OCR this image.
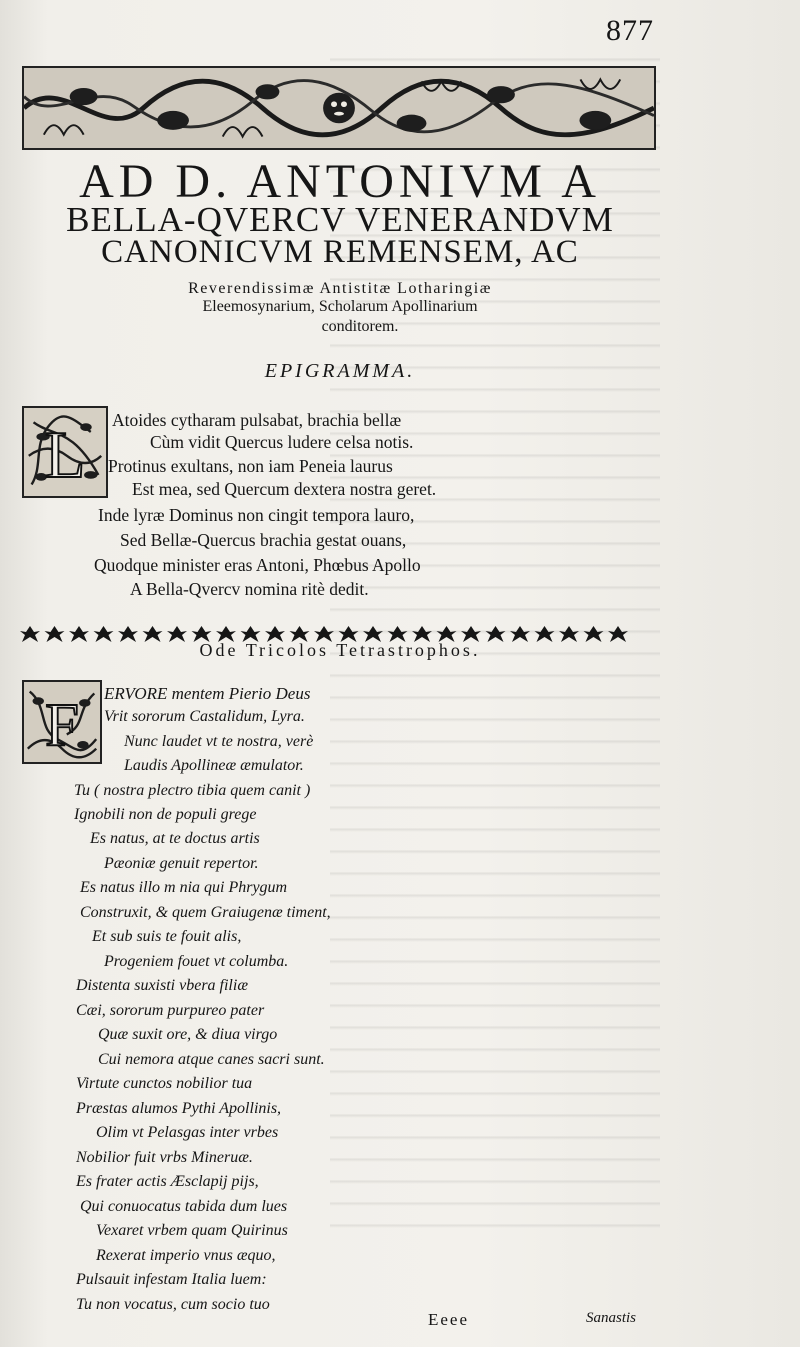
877
AD D. ANTONIVM A
BELLA-QVERCV VENERANDVM
CANONICVM REMENSEM, AC
Reverendissimæ Antistitæ Lotharingiæ
Eleemosynarium, Scholarum Apollinarium
conditorem.
EPIGRAMMA.
L Atoides cytharam pulsabat, brachia bellæ
Cùm vidit Quercus ludere celsa notis.
Protinus exultans, non iam Peneia laurus
Est mea, sed Quercum dextera nostra geret.
Inde lyræ Dominus non cingit tempora lauro,
Sed Bellæ-Quercus brachia gestat ouans,
Quodque minister eras Antoni, Phœbus Apollo
A Bella-Qvercv nomina ritè dedit.
Ode Tricolos Tetrastrophos.
F ERVORE mentem Pierio Deus
Vrit sororum Castalidum, Lyra.
Nunc laudet vt te nostra, verè
Laudis Apollineæ æmulator.
Tu ( nostra plectro tibia quem canit )
Ignobili non de populi grege
Es natus, at te doctus artis
Pæoniæ genuit repertor.
Es natus illo m nia qui Phrygum
Construxit, & quem Graiugenæ timent,
Et sub suis te fouit alis,
Progeniem fouet vt columba.
Distenta suxisti vbera filiæ
Cæi, sororum purpureo pater
Quæ suxit ore, & diua virgo
Cui nemora atque canes sacri sunt.
Virtute cunctos nobilior tua
Præstas alumos Pythi Apollinis,
Olim vt Pelasgas inter vrbes
Nobilior fuit vrbs Mineruæ.
Es frater actis Æsclapij pijs,
Qui conuocatus tabida dum lues
Vexaret vrbem quam Quirinus
Rexerat imperio vnus æquo,
Pulsauit infestam Italia luem:
Tu non vocatus, cum socio tuo
Eeee	Sanastis
